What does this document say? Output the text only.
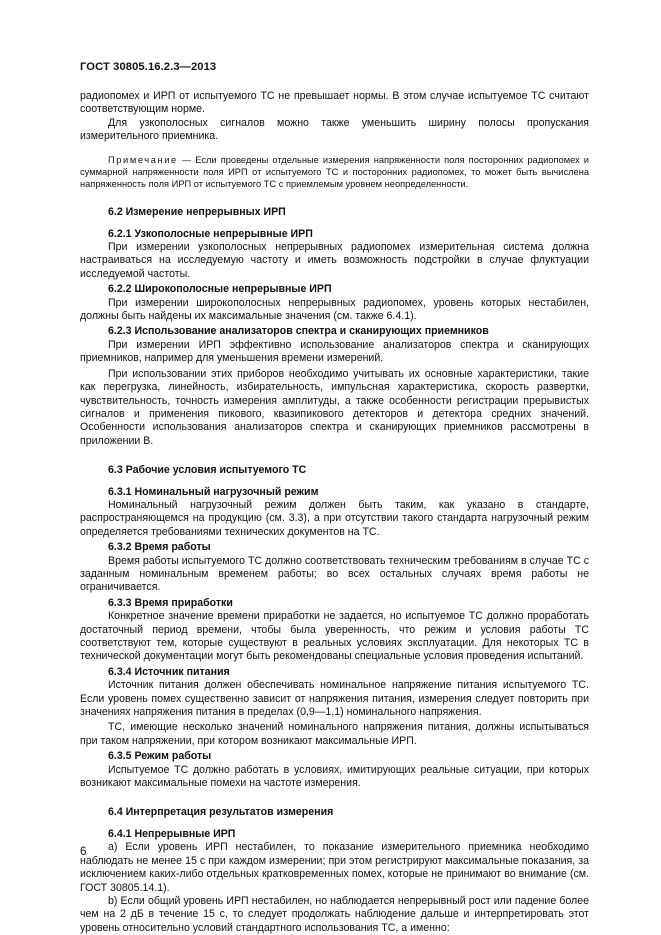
ГОСТ 30805.16.2.3—2013

радиопомех и ИРП от испытуемого ТС не превышает нормы. В этом случае испытуемое ТС считают соответствующим норме.

Для узкополосных сигналов можно также уменьшить ширину полосы пропускания измерительного приемника.

Примечание — Если проведены отдельные измерения напряженности поля посторонних радиопомех и суммарной напряженности поля ИРП от испытуемого ТС и посторонних радиопомех, то может быть вычислена напряженность поля ИРП от испытуемого ТС с приемлемым уровнем неопределенности.

6.2 Измерение непрерывных ИРП
6.2.1 Узкополосные непрерывные ИРП

При измерении узкополосных непрерывных радиопомех измерительная система должна настраиваться на исследуемую частоту и иметь возможность подстройки в случае флуктуации исследуемой частоты.

6.2.2 Широкополосные непрерывные ИРП

При измерении широкополосных непрерывных радиопомех, уровень которых нестабилен, должны быть найдены их максимальные значения (см. также 6.4.1).

6.2.3 Использование анализаторов спектра и сканирующих приемников

При измерении ИРП эффективно использование анализаторов спектра и сканирующих приемников, например для уменьшения времени измерений.

При использовании этих приборов необходимо учитывать их основные характеристики, такие как перегрузка, линейность, избирательность, импульсная характеристика, скорость развертки, чувствительность, точность измерения амплитуды, а также особенности регистрации прерывистых сигналов и применения пикового, квазипикового детекторов и детектора средних значений. Особенности использования анализаторов спектра и сканирующих приемников рассмотрены в приложении В.

6.3 Рабочие условия испытуемого ТС
6.3.1 Номинальный нагрузочный режим

Номинальный нагрузочный режим должен быть таким, как указано в стандарте, распространяющемся на продукцию (см. 3.3), а при отсутствии такого стандарта нагрузочный режим определяется требованиями технических документов на ТС.

6.3.2 Время работы

Время работы испытуемого ТС должно соответствовать техническим требованиям в случае ТС с заданным номинальным временем работы; во всех остальных случаях время работы не ограничивается.

6.3.3 Время приработки

Конкретное значение времени приработки не задается, но испытуемое ТС должно проработать достаточный период времени, чтобы была уверенность, что режим и условия работы ТС соответствуют тем, которые существуют в реальных условиях эксплуатации. Для некоторых ТС в технической документации могут быть рекомендованы специальные условия проведения испытаний.

6.3.4 Источник питания

Источник питания должен обеспечивать номинальное напряжение питания испытуемого ТС. Если уровень помех существенно зависит от напряжения питания, измерения следует повторить при значениях напряжения питания в пределах (0,9—1,1) номинального напряжения.

ТС, имеющие несколько значений номинального напряжения питания, должны испытываться при таком напряжении, при котором возникают максимальные ИРП.

6.3.5 Режим работы

Испытуемое ТС должно работать в условиях, имитирующих реальные ситуации, при которых возникают максимальные помехи на частоте измерения.

6.4 Интерпретация результатов измерения
6.4.1 Непрерывные ИРП

а) Если уровень ИРП нестабилен, то показание измерительного приемника необходимо наблюдать не менее 15 с при каждом измерении; при этом регистрируют максимальные показания, за исключением каких-либо отдельных кратковременных помех, которые не принимают во внимание (см. ГОСТ 30805.14.1).

b) Если общий уровень ИРП нестабилен, но наблюдается непрерывный рост или падение более чем на 2 дБ в течение 15 с, то следует продолжать наблюдение дальше и интерпретировать этот уровень относительно условий стандартного использования ТС, а именно:

6
